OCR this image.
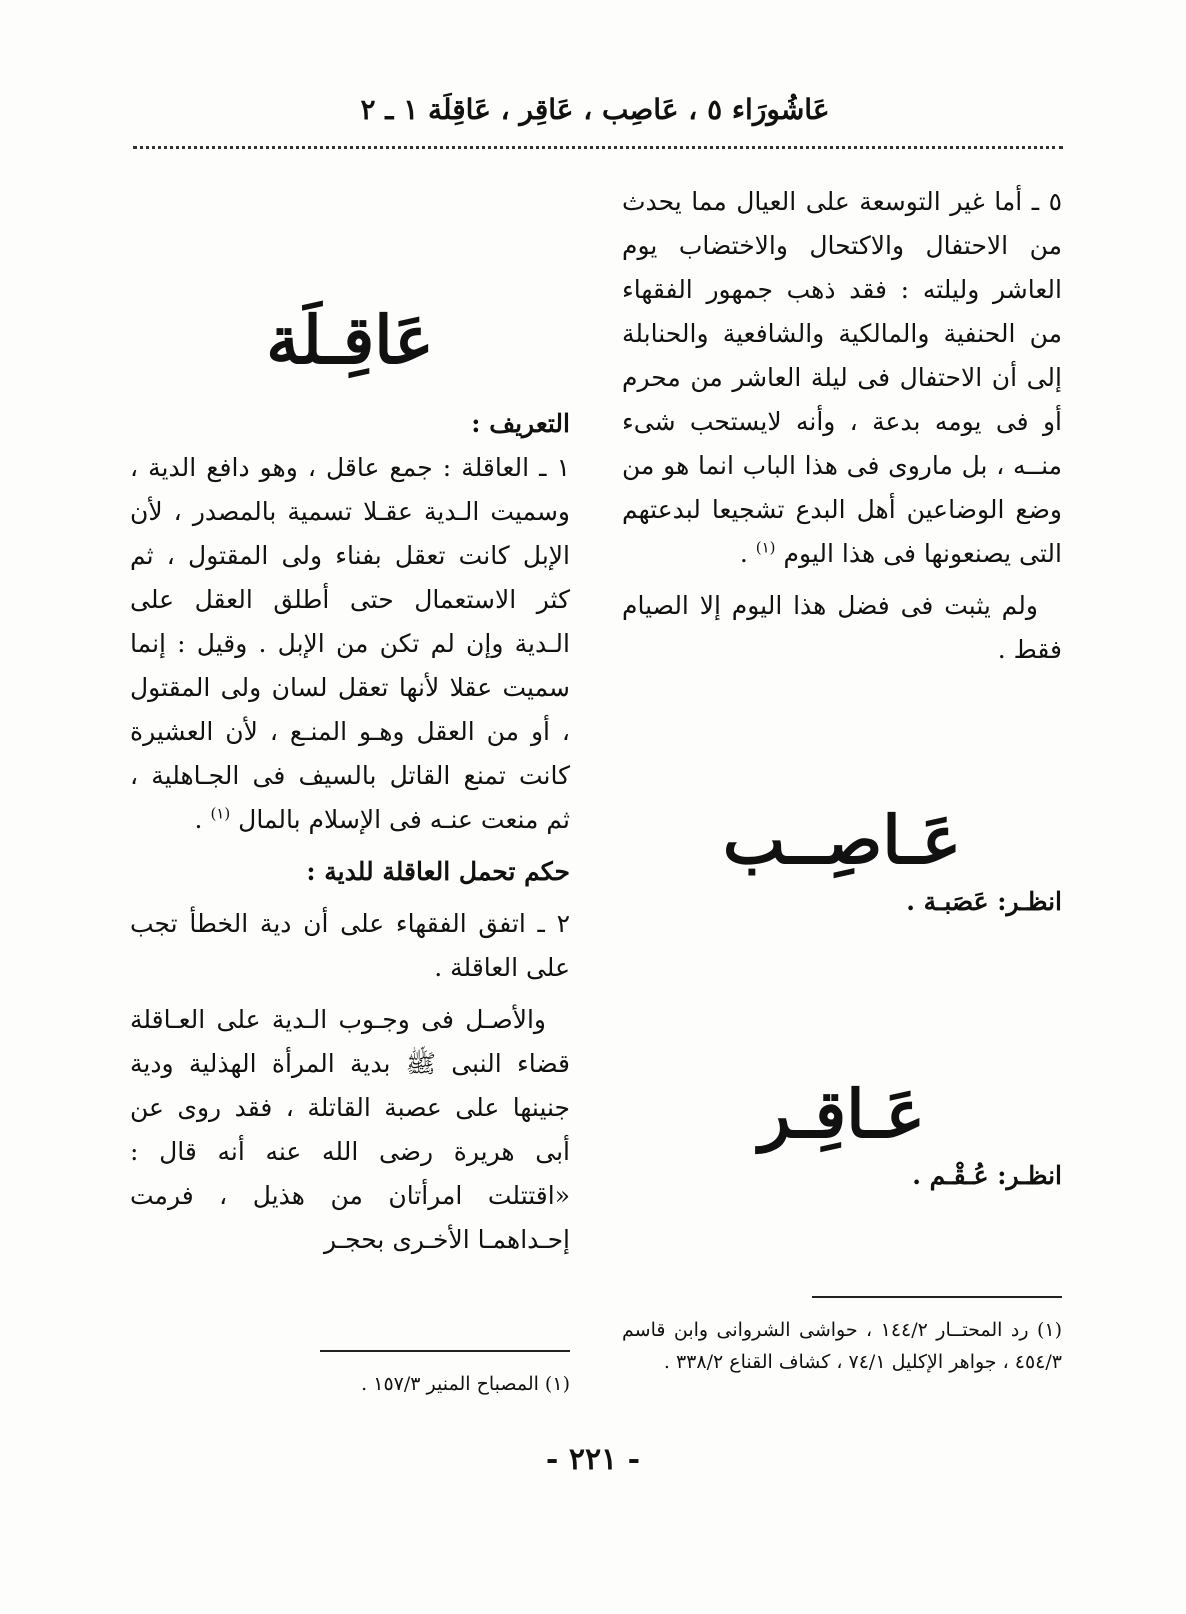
عَاشُورَاء ٥ ، عَاصِب ، عَاقِر ، عَاقِلَة ١ ـ ٢

٥ ـ أما غير التوسعة على العيال مما يحدث من الاحتفال والاكتحال والاختضاب يوم العاشر وليلته : فقد ذهب جمهور الفقهاء من الحنفية والمالكية والشافعية والحنابلة إلى أن الاحتفال فى ليلة العاشر من محرم أو فى يومه بدعة ، وأنه لايستحب شىء منــه ، بل ماروى فى هذا الباب انما هو من وضع الوضاعين أهل البدع تشجيعا لبدعتهم التى يصنعونها فى هذا اليوم $^{(١)}$ .

ولم يثبت فى فضل هذا اليوم إلا الصيام فقط .

عَـاصِــب

انظـر: عَصَبـة .

عَـاقِـر

انظـر: عُـقْـم .

(١) رد المحتــار ١٤٤/٢ ، حواشى الشروانى وابن قاسم ٤٥٤/٣ ، جواهر الإكليل ٧٤/١ ، كشاف القناع ٣٣٨/٢ .
عَاقِـلَة

التعريف :

١ ـ العاقلة : جمع عاقل ، وهو دافع الدية ، وسميت الـدية عقـلا تسمية بالمصدر ، لأن الإبل كانت تعقل بفناء ولى المقتول ، ثم كثر الاستعمال حتى أطلق العقل على الـدية وإن لم تكن من الإبل . وقيل : إنما سميت عقلا لأنها تعقل لسان ولى المقتول ، أو من العقل وهـو المنـع ، لأن العشيرة كانت تمنع القاتل بالسيف فى الجـاهلية ، ثم منعت عنـه فى الإسلام بالمال $^{(١)}$ .

حكم تحمل العاقلة للدية :

٢ ـ اتفق الفقهاء على أن دية الخطأ تجب على العاقلة .

والأصـل فى وجـوب الـدية على العـاقلة قضاء النبى ﷺ بدية المرأة الهذلية ودية جنينها على عصبة القاتلة ، فقد روى عن أبى هريرة رضى الله عنه أنه قال : «اقتتلت امرأتان من هذيل ، فرمت إحـداهمـا الأخـرى بحجـر

(١) المصباح المنير ١٥٧/٣ .
- ٢٢١ -
